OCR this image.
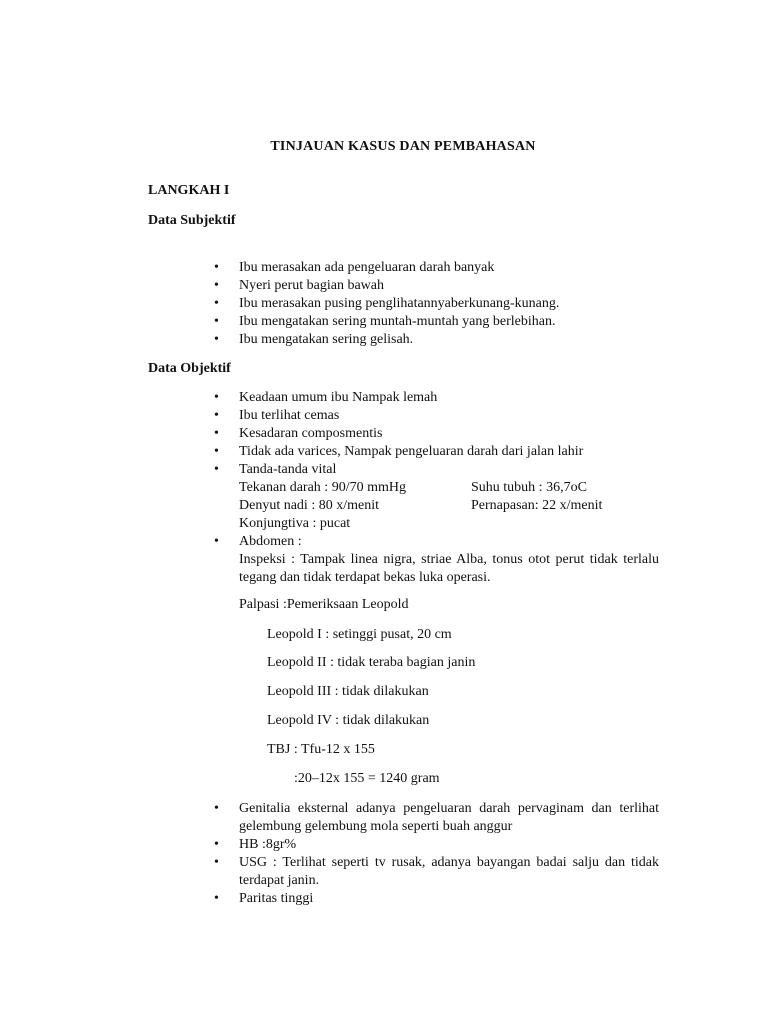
TINJAUAN KASUS DAN PEMBAHASAN
LANGKAH I
Data Subjektif
• Ibu merasakan ada pengeluaran darah banyak
• Nyeri perut bagian bawah
• Ibu merasakan pusing penglihatannyaberkunang-kunang.
• Ibu mengatakan sering muntah-muntah yang berlebihan.
• Ibu mengatakan sering gelisah.
Data Objektif
• Keadaan umum ibu Nampak lemah
• Ibu terlihat cemas
• Kesadaran composmentis
• Tidak ada varices, Nampak pengeluaran darah dari jalan lahir
• Tanda-tanda vital
Tekanan darah : 90/70 mmHg	Suhu tubuh : 36,7oC
Denyut nadi : 80 x/menit	Pernapasan: 22 x/menit
Konjungtiva : pucat
• Abdomen :
Inspeksi : Tampak linea nigra, striae Alba, tonus otot perut tidak terlalu tegang dan tidak terdapat bekas luka operasi.
Palpasi :Pemeriksaan Leopold
Leopold I : setinggi pusat, 20 cm
Leopold II : tidak teraba bagian janin
Leopold III : tidak dilakukan
Leopold IV : tidak dilakukan
TBJ : Tfu-12 x 155
:20–12x 155 = 1240 gram
• Genitalia eksternal adanya pengeluaran darah pervaginam dan terlihat gelembung gelembung mola seperti buah anggur
• HB :8gr%
• USG : Terlihat seperti tv rusak, adanya bayangan badai salju dan tidak terdapat janin.
• Paritas tinggi
